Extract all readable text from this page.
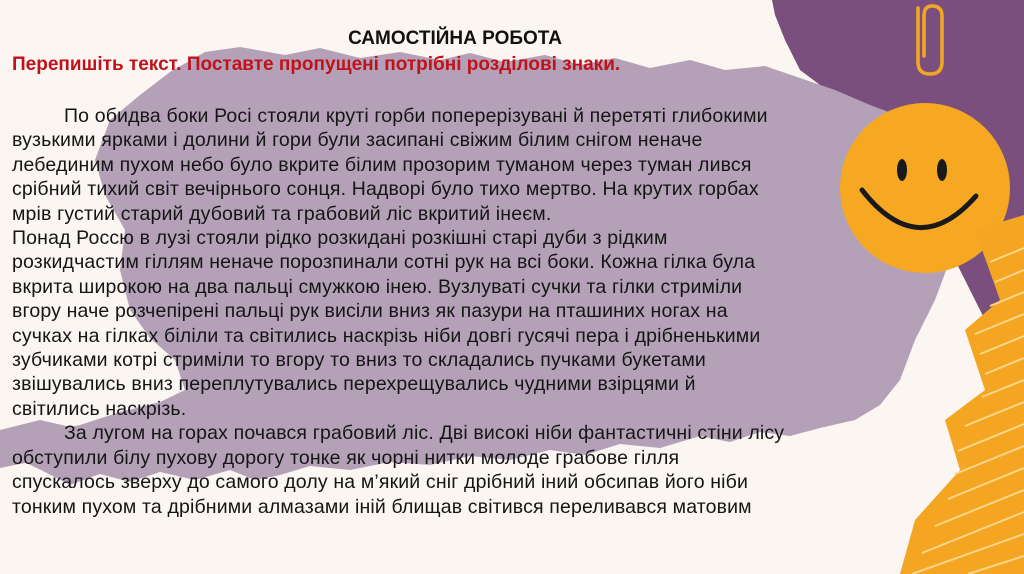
САМОСТІЙНА РОБОТА
Перепишіть текст. Поставте пропущені потрібні розділові знаки.
По обидва боки Росі стояли круті горби поперерізувані й перетяті глибокими
вузькими ярками і долини й гори були засипані свіжим білим снігом неначе
лебединим пухом небо було вкрите білим прозорим туманом через туман лився
срібний тихий світ вечірнього сонця. Надворі було тихо мертво. На крутих горбах
мрів густий старий дубовий та грабовий ліс вкритий інеєм.
Понад Россю в лузі стояли рідко розкидані розкішні старі дуби з рідким
розкидчастим гіллям неначе порозпинали сотні рук на всі боки. Кожна гілка була
вкрита широкою на два пальці смужкою інею. Вузлуваті сучки та гілки стриміли
вгору наче розчепірені пальці рук висіли вниз як пазури на пташиних ногах на
сучках на гілках біліли та світились наскрізь ніби довгі гусячі пера і дрібненькими
зубчиками котрі стриміли то вгору то вниз то складались пучками букетами
звішувались вниз переплутувались перехрещувались чудними взірцями й
світились наскрізь.
За лугом на горах почався грабовий ліс. Дві високі ніби фантастичні стіни лісу
обступили білу пухову дорогу тонке як чорні нитки молоде грабове гілля
спускалось зверху до самого долу на м’який сніг дрібний іний обсипав його ніби
тонким пухом та дрібними алмазами іній блищав світився переливався матовим
